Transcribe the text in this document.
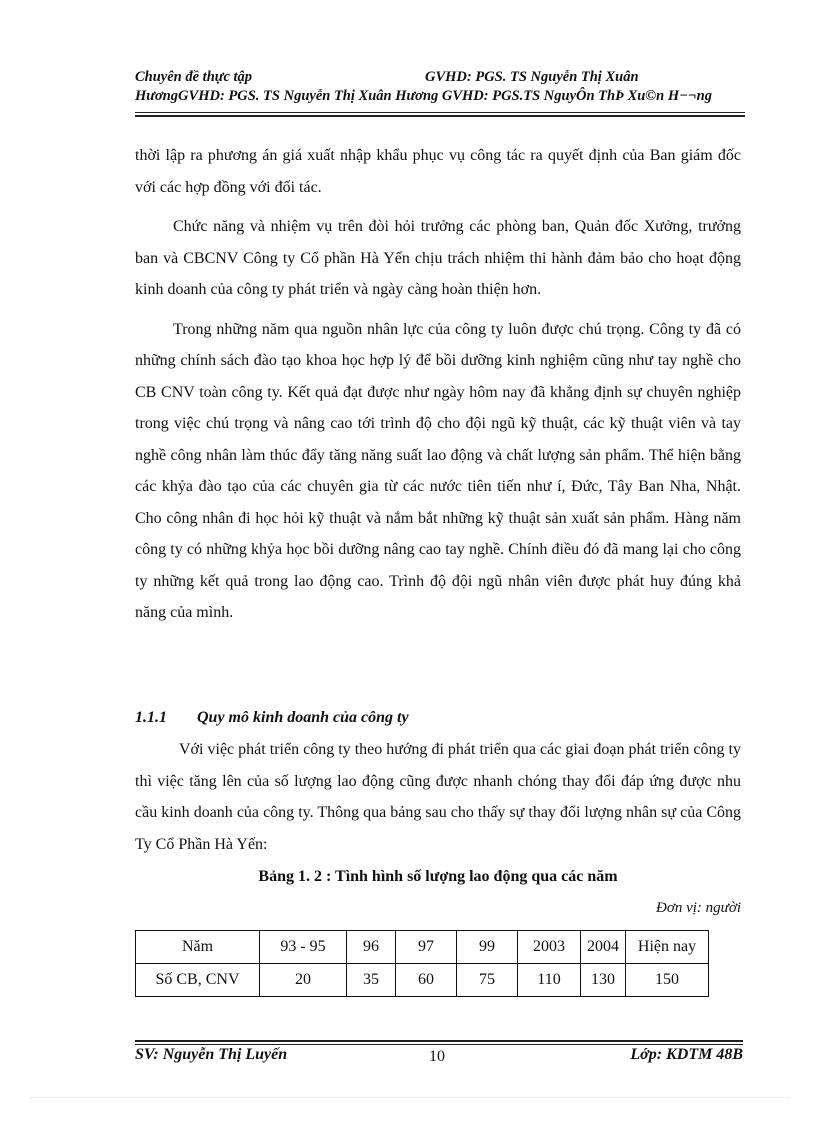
Chuyên đề thực tập	GVHD: PGS. TS Nguyễn Thị Xuân
HươngGVHD: PGS. TS Nguyễn Thị Xuân Hương GVHD: PGS.TS NguyÔn ThÞ Xu©n H−¬ng

thời lập ra phương án giá xuất nhập khẩu phục vụ công tác ra quyết định của Ban giám đốc với các hợp đồng với đối tác.

Chức năng và nhiệm vụ trên đòi hỏi trưởng các phòng ban, Quản đốc Xưởng, trưởng ban và CBCNV Công ty Cổ phần Hà Yến chịu trách nhiệm thi hành đảm bảo cho hoạt động kinh doanh của công ty phát triển và ngày càng hoàn thiện hơn.

Trong những năm qua nguồn nhân lực của công ty luôn được chú trọng. Công ty đã có những chính sách đào tạo khoa học hợp lý để bồi dưỡng kinh nghiệm cũng như tay nghề cho CB CNV toàn công ty. Kết quả đạt được như ngày hôm nay đã khẳng định sự chuyên nghiệp trong việc chú trọng và nâng cao tới trình độ cho đội ngũ kỹ thuật, các kỹ thuật viên và tay nghề công nhân làm thúc đẩy tăng năng suất lao động và chất lượng sản phẩm. Thể hiện bằng các khỷa đào tạo của các chuyên gia từ các nước tiên tiến như í, Đức, Tây Ban Nha, Nhật. Cho công nhân đi học hỏi kỹ thuật và nắm bắt những kỹ thuật sản xuất sản phẩm. Hàng năm công ty có những khỷa học bồi dưỡng nâng cao tay nghề. Chính điều đó đã mang lại cho công ty những kết quả trong lao động cao. Trình độ đội ngũ nhân viên được phát huy đúng khả năng của mình.

1.1.1 Quy mô kinh doanh của công ty

Với việc phát triển công ty theo hướng đi phát triển qua các giai đoạn phát triển công ty thì việc tăng lên của số lượng lao động cũng được nhanh chóng thay đổi đáp ứng được nhu cầu kinh doanh của công ty. Thông qua bảng sau cho thấy sự thay đổi lượng nhân sự của Công Ty Cổ Phần Hà Yến:

Bảng 1. 2 : Tình hình số lượng lao động qua các năm
Đơn vị: người
Năm	93 - 95	96	97	99	2003	2004	Hiện nay
Số CB, CNV	20	35	60	75	110	130	150
SV: Nguyễn Thị Luyến	10	Lớp: KDTM 48B
